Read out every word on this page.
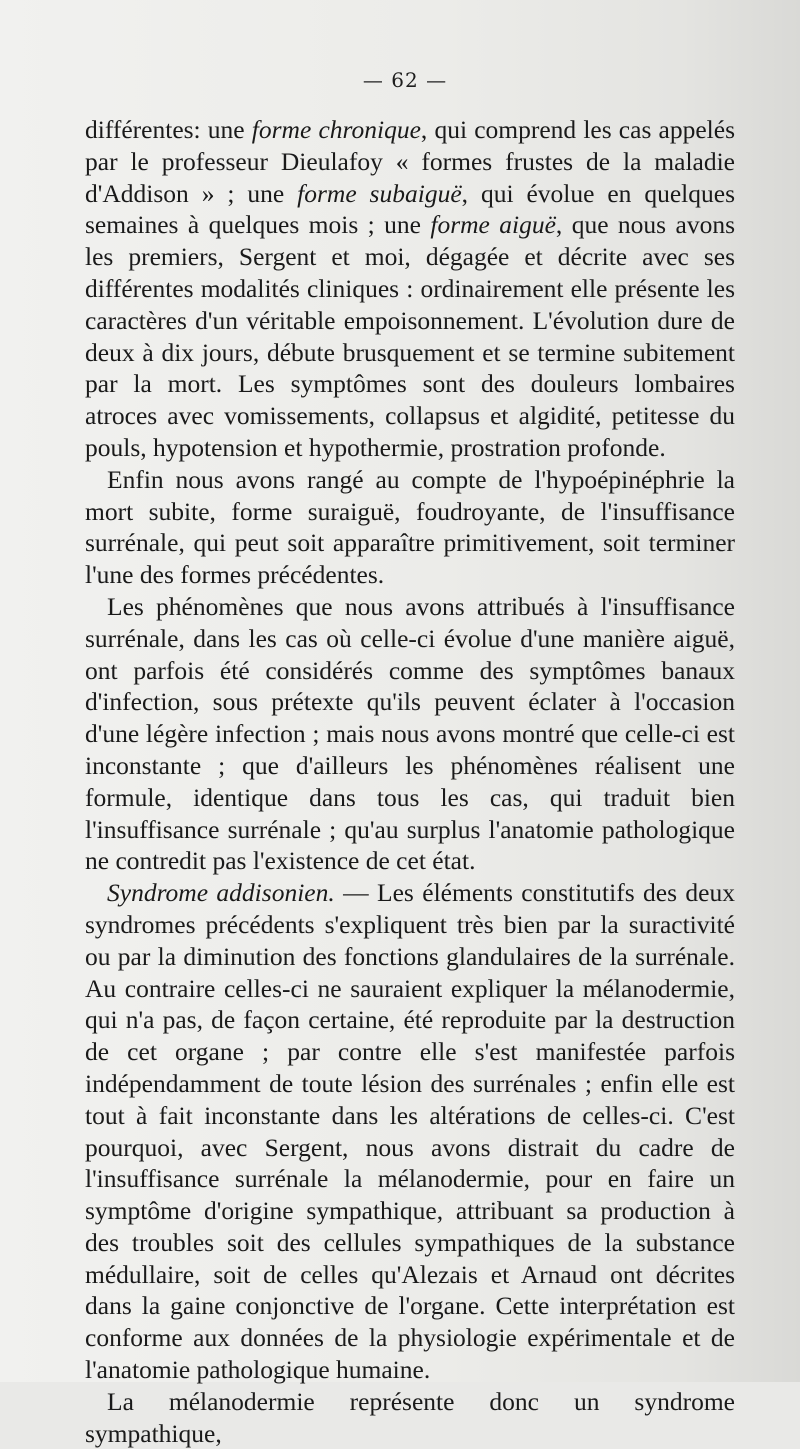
— 62 —

différentes: une forme chronique, qui comprend les cas appelés par le professeur Dieulafoy « formes frustes de la maladie d'Addison » ; une forme subaiguë, qui évolue en quelques semaines à quelques mois ; une forme aiguë, que nous avons les premiers, Sergent et moi, dégagée et décrite avec ses différentes modalités cliniques : ordinairement elle présente les caractères d'un véritable empoisonnement. L'évolution dure de deux à dix jours, débute brusquement et se termine subitement par la mort. Les symptômes sont des douleurs lombaires atroces avec vomissements, collapsus et algidité, petitesse du pouls, hypotension et hypothermie, prostration profonde.

Enfin nous avons rangé au compte de l'hypoépinéphrie la mort subite, forme suraiguë, foudroyante, de l'insuffisance surrénale, qui peut soit apparaître primitivement, soit terminer l'une des formes précédentes.

Les phénomènes que nous avons attribués à l'insuffisance surrénale, dans les cas où celle-ci évolue d'une manière aiguë, ont parfois été considérés comme des symptômes banaux d'infection, sous prétexte qu'ils peuvent éclater à l'occasion d'une légère infection ; mais nous avons montré que celle-ci est inconstante ; que d'ailleurs les phénomènes réalisent une formule, identique dans tous les cas, qui traduit bien l'insuffisance surrénale ; qu'au surplus l'anatomie pathologique ne contredit pas l'existence de cet état.

Syndrome addisonien. — Les éléments constitutifs des deux syndromes précédents s'expliquent très bien par la suractivité ou par la diminution des fonctions glandulaires de la surrénale. Au contraire celles-ci ne sauraient expliquer la mélanodermie, qui n'a pas, de façon certaine, été reproduite par la destruction de cet organe ; par contre elle s'est manifestée parfois indépendamment de toute lésion des surrénales ; enfin elle est tout à fait inconstante dans les altérations de celles-ci. C'est pourquoi, avec Sergent, nous avons distrait du cadre de l'insuffisance surrénale la mélanodermie, pour en faire un symptôme d'origine sympathique, attribuant sa production à des troubles soit des cellules sympathiques de la substance médullaire, soit de celles qu'Alezais et Arnaud ont décrites dans la gaine conjonctive de l'organe. Cette interprétation est conforme aux données de la physiologie expérimentale et de l'anatomie pathologique humaine.

La mélanodermie représente donc un syndrome sympathique,
